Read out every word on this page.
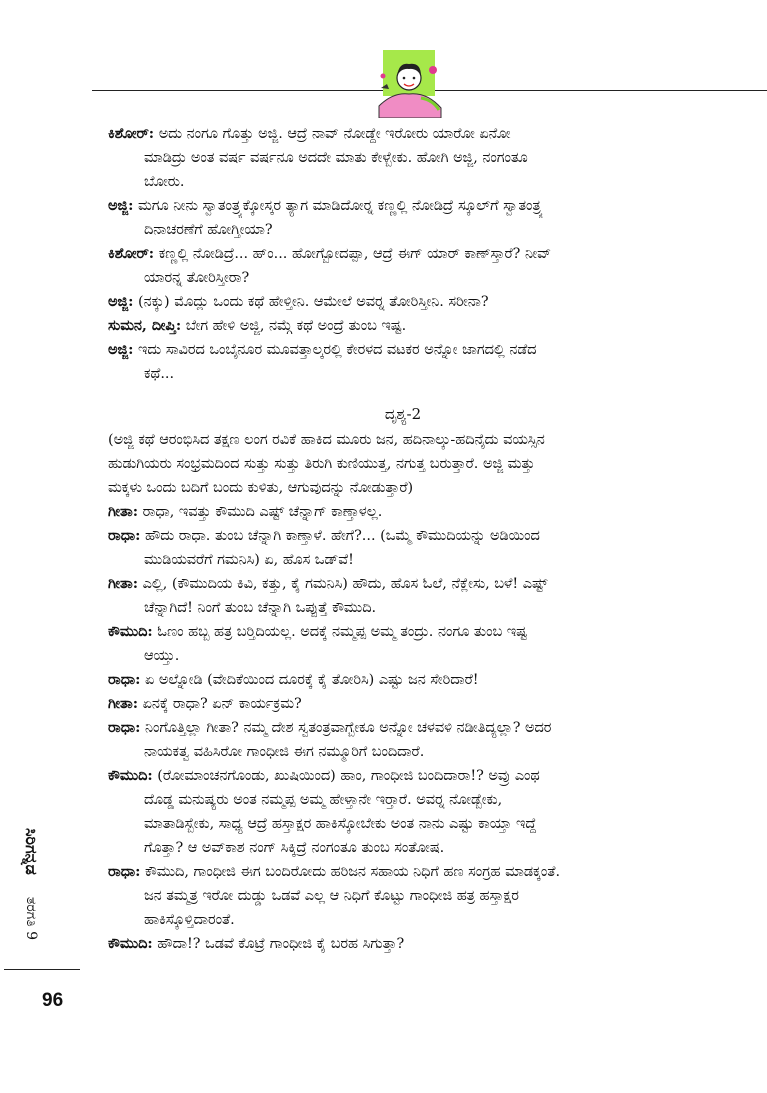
ಕಿಶೋರ್: ಅದು ನಂಗೂ ಗೊತ್ತು ಅಜ್ಜಿ. ಆದ್ರೆ ನಾವ್ ನೋಡ್ದೇ ಇರೋರು ಯಾರೋ ಏನೋ
ಮಾಡಿದ್ರು ಅಂತ ವರ್ಷ ವರ್ಷನೂ ಅದದೇ ಮಾತು ಕೇಳ್ಬೇಕು. ಹೋಗಿ ಅಜ್ಜಿ, ನಂಗಂತೂ
ಬೋರು.
ಅಜ್ಜಿ: ಮಗೂ ನೀನು ಸ್ವಾತಂತ್ರ್ಯಕ್ಕೋಸ್ಕರ ತ್ಯಾಗ ಮಾಡಿದೋರ್‍ನ ಕಣ್ಣಲ್ಲಿ ನೋಡಿದ್ರೆ ಸ್ಕೂಲ್‌ಗೆ ಸ್ವಾತಂತ್ರ್ಯ
ದಿನಾಚರಣೆಗೆ ಹೋಗ್ತೀಯಾ?
ಕಿಶೋರ್: ಕಣ್ಣಲ್ಲಿ ನೋಡಿದ್ರೆ... ಹ್ಂ... ಹೋಗ್ಬೋದಪ್ಪಾ, ಆದ್ರೆ ಈಗ್ ಯಾರ್ ಕಾಣ್‌ಸ್ತಾರೆ? ನೀವ್
ಯಾರನ್ನ ತೋರಿಸ್ತೀರಾ?
ಅಜ್ಜಿ: (ನಕ್ಕು) ಮೊದ್ಲು ಒಂದು ಕಥೆ ಹೇಳ್ತೀನಿ. ಆಮೇಲೆ ಅವರ್‍ನ ತೋರಿಸ್ತೀನಿ. ಸರೀನಾ?
ಸುಮನ, ದೀಪ್ತಿ: ಬೇಗ ಹೇಳಿ ಅಜ್ಜಿ, ನಮ್ಗೆ ಕಥೆ ಅಂದ್ರೆ ತುಂಬ ಇಷ್ಟ.
ಅಜ್ಜಿ: ಇದು ಸಾವಿರದ ಒಂಬೈನೂರ ಮೂವತ್ತಾಲ್ಕರಲ್ಲಿ ಕೇರಳದ ವಟಕರ ಅನ್ನೋ ಜಾಗದಲ್ಲಿ ನಡೆದ
ಕಥೆ...
ದೃಶ್ಯ-2
(ಅಜ್ಜಿ ಕಥೆ ಆರಂಭಿಸಿದ ತಕ್ಷಣ ಲಂಗ ರವಿಕೆ ಹಾಕಿದ ಮೂರು ಜನ, ಹದಿನಾಲ್ಕು-ಹದಿನೈದು ವಯಸ್ಸಿನ
ಹುಡುಗಿಯರು ಸಂಭ್ರಮದಿಂದ ಸುತ್ತು ಸುತ್ತು ತಿರುಗಿ ಕುಣಿಯುತ್ತ, ನಗುತ್ತ ಬರುತ್ತಾರೆ. ಅಜ್ಜಿ ಮತ್ತು
ಮಕ್ಕಳು ಒಂದು ಬದಿಗೆ ಬಂದು ಕುಳಿತು, ಆಗುವುದನ್ನು ನೋಡುತ್ತಾರೆ)
ಗೀತಾ: ರಾಧಾ, ಇವತ್ತು ಕೌಮುದಿ ಎಷ್ಟ್ ಚೆನ್ನಾಗ್ ಕಾಣ್ತಾಳಲ್ಲ.
ರಾಧಾ: ಹೌದು ರಾಧಾ. ತುಂಬ ಚೆನ್ನಾಗಿ ಕಾಣ್ತಾಳೆ. ಹೇಗೆ?... (ಒಮ್ಮೆ ಕೌಮುದಿಯನ್ನು ಅಡಿಯಿಂದ
ಮುಡಿಯವರೆಗೆ ಗಮನಿಸಿ) ಏ, ಹೊಸ ಒಡ್‌ವೆ!
ಗೀತಾ: ಎಲ್ಲಿ, (ಕೌಮುದಿಯ ಕಿವಿ, ಕತ್ತು, ಕೈ ಗಮನಿಸಿ) ಹೌದು, ಹೊಸ ಓಲೆ, ನೆಕ್ಲೇಸು, ಬಳೆ! ಎಷ್ಟ್
ಚೆನ್ನಾಗಿದೆ! ನಿಂಗೆ ತುಂಬ ಚೆನ್ನಾಗಿ ಒಪ್ಪುತ್ತೆ ಕೌಮುದಿ.
ಕೌಮುದಿ: ಓಣಂ ಹಬ್ಬ ಹತ್ರ ಬರ್‍ತಿದಿಯಲ್ಲ. ಅದಕ್ಕೆ ನಮ್ಮಪ್ಪ ಅಮ್ಮ ತಂದ್ರು. ನಂಗೂ ತುಂಬ ಇಷ್ಟ
ಆಯ್ತು.
ರಾಧಾ: ಏ ಅಲ್ನೋಡಿ (ವೇದಿಕೆಯಿಂದ ದೂರಕ್ಕೆ ಕೈ ತೋರಿಸಿ) ಎಷ್ಟು ಜನ ಸೇರಿದಾರೆ!
ಗೀತಾ: ಏನಕ್ಕೆ ರಾಧಾ? ಏನ್ ಕಾರ್ಯಕ್ರಮ?
ರಾಧಾ: ನಿಂಗೊತ್ತಿಲ್ಲಾ ಗೀತಾ? ನಮ್ಮ ದೇಶ ಸ್ವತಂತ್ರವಾಗ್ಬೇಕೂ ಅನ್ನೋ ಚಳವಳಿ ನಡೀತಿದ್ಯಲ್ಲಾ? ಅದರ
ನಾಯಕತ್ವ ವಹಿಸಿರೋ ಗಾಂಧೀಜಿ ಈಗ ನಮ್ಮೂರಿಗೆ ಬಂದಿದಾರೆ.
ಕೌಮುದಿ: (ರೋಮಾಂಚನಗೊಂಡು, ಖುಷಿಯಿಂದ) ಹಾಂ, ಗಾಂಧೀಜಿ ಬಂದಿದಾರಾ!? ಅವ್ರು ಎಂಥ
ದೊಡ್ಡ ಮನುಷ್ಯರು ಅಂತ ನಮ್ಮಪ್ಪ ಅಮ್ಮ ಹೇಳ್ತಾನೇ ಇರ್‍ತಾರೆ. ಅವರ್‍ನ ನೋಡ್ಬೇಕು,
ಮಾತಾಡಿಸ್ಬೇಕು, ಸಾಧ್ಯ ಆದ್ರೆ ಹಸ್ತಾಕ್ಷರ ಹಾಕಿಸ್ಕೋಬೇಕು ಅಂತ ನಾನು ಎಷ್ಟು ಕಾಯ್ತಾ ಇದ್ದೆ
ಗೊತ್ತಾ? ಆ ಅವ್‌ಕಾಶ ನಂಗ್ ಸಿಕ್ಕಿದ್ರೆ ನಂಗಂತೂ ತುಂಬ ಸಂತೋಷ.
ರಾಧಾ: ಕೌಮುದಿ, ಗಾಂಧೀಜಿ ಈಗ ಬಂದಿರೋದು ಹರಿಜನ ಸಹಾಯ ನಿಧಿಗೆ ಹಣ ಸಂಗ್ರಹ ಮಾಡಕ್ಕಂತೆ.
ಜನ ತಮ್ಮತ್ರ ಇರೋ ದುಡ್ಡು ಒಡವೆ ಎಲ್ಲ ಆ ನಿಧಿಗೆ ಕೊಟ್ಟು ಗಾಂಧೀಜಿ ಹತ್ರ ಹಸ್ತಾಕ್ಷರ
ಹಾಕಿಸ್ಕೊಳ್ತಿದಾರಂತೆ.
ಕೌಮುದಿ: ಹೌದಾ!? ಒಡವೆ ಕೊಟ್ರೆ ಗಾಂಧೀಜಿ ಕೈ ಬರಹ ಸಿಗುತ್ತಾ?
ಸಿರಿಗನ್ನಡ
ತರಗತಿ 9
96
